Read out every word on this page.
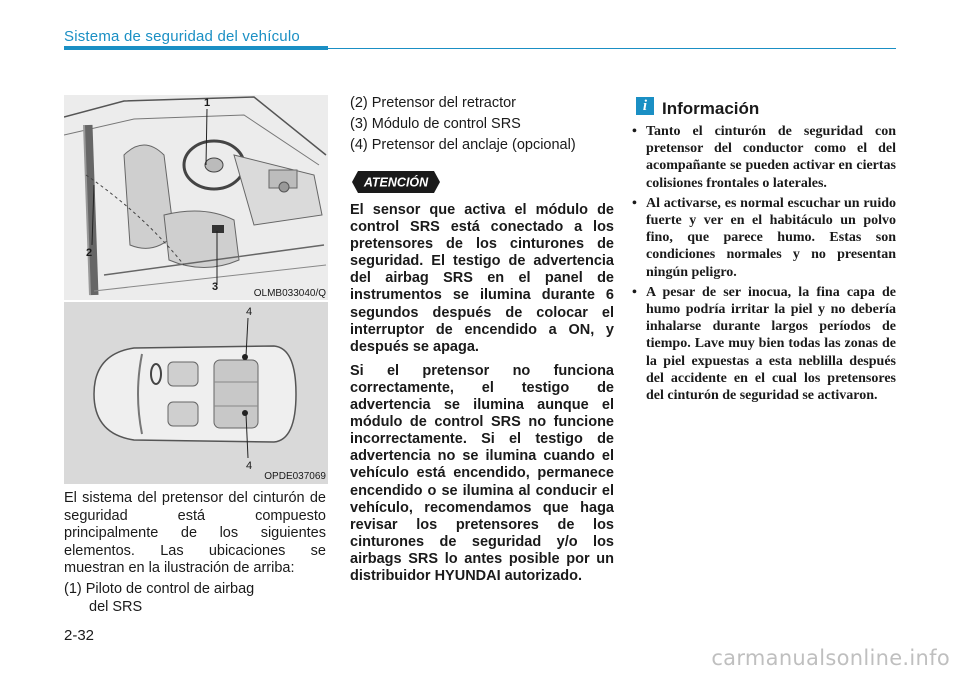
Sistema de seguridad del vehículo
1
2
3
OLMB033040/Q
4
4
OPDE037069

El sistema del pretensor del cinturón de seguridad está compuesto principalmente de los siguientes elementos. Las ubicaciones se muestran en la ilustración de arriba:

(1) Piloto de control de airbag
del SRS
(2) Pretensor del retractor
(3) Módulo de control SRS
(4) Pretensor del anclaje (opcional)
ATENCIÓN

El sensor que activa el módulo de control SRS está conectado a los pretensores de los cinturones de seguridad. El testigo de advertencia del airbag SRS en el panel de instrumentos se ilumina durante 6 segundos después de colocar el interruptor de encendido a ON, y después se apaga.

Si el pretensor no funciona correctamente, el testigo de advertencia se ilumina aunque el módulo de control SRS no funcione incorrectamente. Si el testigo de advertencia no se ilumina cuando el vehículo está encendido, permanece encendido o se ilumina al conducir el vehículo, recomendamos que haga revisar los pretensores de los cinturones de seguridad y/o los airbags SRS lo antes posible por un distribuidor HYUNDAI autorizado.

i Información
• Tanto el cinturón de seguridad con pretensor del conductor como el del acompañante se pueden activar en ciertas colisiones frontales o laterales.
• Al activarse, es normal escuchar un ruido fuerte y ver en el habitáculo un polvo fino, que parece humo. Estas son condiciones normales y no presentan ningún peligro.
• A pesar de ser inocua, la fina capa de humo podría irritar la piel y no debería inhalarse durante largos períodos de tiempo. Lave muy bien todas las zonas de la piel expuestas a esta neblilla después del accidente en el cual los pretensores del cinturón de seguridad se activaron.
2-32
carmanualsonline.info
